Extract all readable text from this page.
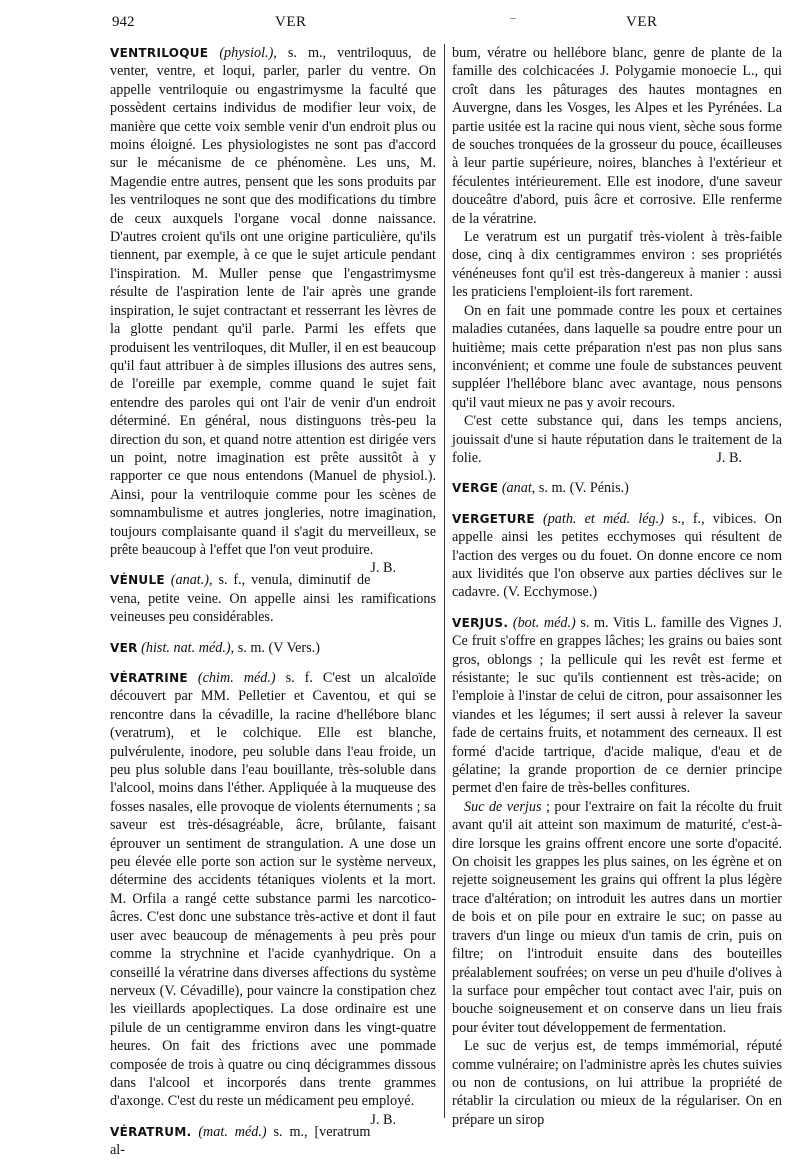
942	VER	‒	VER

VENTRILOQUE (physiol.), s. m., ventriloquus, de venter, ventre, et loqui, parler, parler du ventre. On appelle ventriloquie ou engastrimysme la faculté que possèdent certains individus de modifier leur voix, de manière que cette voix semble venir d'un endroit plus ou moins éloigné. Les physiologistes ne sont pas d'accord sur le mécanisme de ce phénomène. Les uns, M. Magendie entre autres, pensent que les sons produits par les ventriloques ne sont que des modifications du timbre de ceux auxquels l'organe vocal donne naissance. D'autres croient qu'ils ont une origine particulière, qu'ils tiennent, par exemple, à ce que le sujet articule pendant l'inspiration. M. Muller pense que l'engastrimysme résulte de l'aspiration lente de l'air après une grande inspiration, le sujet contractant et resserrant les lèvres de la glotte pendant qu'il parle. Parmi les effets que produisent les ventriloques, dit Muller, il en est beaucoup qu'il faut attribuer à de simples illusions des autres sens, de l'oreille par exemple, comme quand le sujet fait entendre des paroles qui ont l'air de venir d'un endroit déterminé. En général, nous distinguons très-peu la direction du son, et quand notre attention est dirigée vers un point, notre imagination est prête aussitôt à y rapporter ce que nous entendons (Manuel de physiol.). Ainsi, pour la ventriloquie comme pour les scènes de somnambulisme et autres jongleries, notre imagination, toujours complaisante quand il s'agit du merveilleux, se prête beaucoup à l'effet que l'on veut produire.
J. B.

VÉNULE (anat.), s. f., venula, diminutif de vena, petite veine. On appelle ainsi les ramifications veineuses peu considérables.

VER (hist. nat. méd.), s. m. (V Vers.)

VÉRATRINE (chim. méd.) s. f. C'est un alcaloïde découvert par MM. Pelletier et Caventou, et qui se rencontre dans la cévadille, la racine d'hellébore blanc (veratrum), et le colchique. Elle est blanche, pulvérulente, inodore, peu soluble dans l'eau froide, un peu plus soluble dans l'eau bouillante, très-soluble dans l'alcool, moins dans l'éther. Appliquée à la muqueuse des fosses nasales, elle provoque de violents éternuments ; sa saveur est très-désagréable, âcre, brûlante, faisant éprouver un sentiment de strangulation. A une dose un peu élevée elle porte son action sur le système nerveux, détermine des accidents tétaniques violents et la mort. M. Orfila a rangé cette substance parmi les narcotico-âcres. C'est donc une substance très-active et dont il faut user avec beaucoup de ménagements à peu près pour comme la strychnine et l'acide cyanhydrique. On a conseillé la vératrine dans diverses affections du système nerveux (V. Cévadille), pour vaincre la constipation chez les vieillards apoplectiques. La dose ordinaire est une pilule de un centigramme environ dans les vingt-quatre heures. On fait des frictions avec une pommade composée de trois à quatre ou cinq décigrammes dissous dans l'alcool et incorporés dans trente grammes d'axonge. C'est du reste un médicament peu employé.
J. B.

VÉRATRUM. (mat. méd.) s. m., [veratrum al-

bum, vératre ou hellébore blanc, genre de plante de la famille des colchicacées J. Polygamie monoecie L., qui croît dans les pâturages des hautes montagnes en Auvergne, dans les Vosges, les Alpes et les Pyrénées. La partie usitée est la racine qui nous vient, sèche sous forme de souches tronquées de la grosseur du pouce, écailleuses à leur partie supérieure, noires, blanches à l'extérieur et féculentes intérieurement. Elle est inodore, d'une saveur douceâtre d'abord, puis âcre et corrosive. Elle renferme de la vératrine.

Le veratrum est un purgatif très-violent à très-faible dose, cinq à dix centigrammes environ : ses propriétés vénéneuses font qu'il est très-dangereux à manier : aussi les praticiens l'emploient-ils fort rarement.

On en fait une pommade contre les poux et certaines maladies cutanées, dans laquelle sa poudre entre pour un huitième; mais cette préparation n'est pas non plus sans inconvénient; et comme une foule de substances peuvent suppléer l'hellébore blanc avec avantage, nous pensons qu'il vaut mieux ne pas y avoir recours.

C'est cette substance qui, dans les temps anciens, jouissait d'une si haute réputation dans le traitement de la folie.	J. B.

VERGE (anat, s. m. (V. Pénis.)

VERGETURE (path. et méd. lég.) s., f., vibices. On appelle ainsi les petites ecchymoses qui résultent de l'action des verges ou du fouet. On donne encore ce nom aux lividités que l'on observe aux parties déclives sur le cadavre. (V. Ecchymose.)

VERJUS. (bot. méd.) s. m. Vitis L. famille des Vignes J. Ce fruit s'offre en grappes lâches; les grains ou baies sont gros, oblongs ; la pellicule qui les revêt est ferme et résistante; le suc qu'ils contiennent est très-acide; on l'emploie à l'instar de celui de citron, pour assaisonner les viandes et les légumes; il sert aussi à relever la saveur fade de certains fruits, et notamment des cerneaux. Il est formé d'acide tartrique, d'acide malique, d'eau et de gélatine; la grande proportion de ce dernier principe permet d'en faire de très-belles confitures.

Suc de verjus ; pour l'extraire on fait la récolte du fruit avant qu'il ait atteint son maximum de maturité, c'est-à-dire lorsque les grains offrent encore une sorte d'opacité. On choisit les grappes les plus saines, on les égrène et on rejette soigneusement les grains qui offrent la plus légère trace d'altération; on introduit les autres dans un mortier de bois et on pile pour en extraire le suc; on passe au travers d'un linge ou mieux d'un tamis de crin, puis on filtre; on l'introduit ensuite dans des bouteilles préalablement soufrées; on verse un peu d'huile d'olives à la surface pour empêcher tout contact avec l'air, puis on bouche soigneusement et on conserve dans un lieu frais pour éviter tout développement de fermentation.

Le suc de verjus est, de temps immémorial, réputé comme vulnéraire; on l'administre après les chutes suivies ou non de contusions, on lui attribue la propriété de rétablir la circulation ou mieux de la régulariser. On en prépare un sirop
